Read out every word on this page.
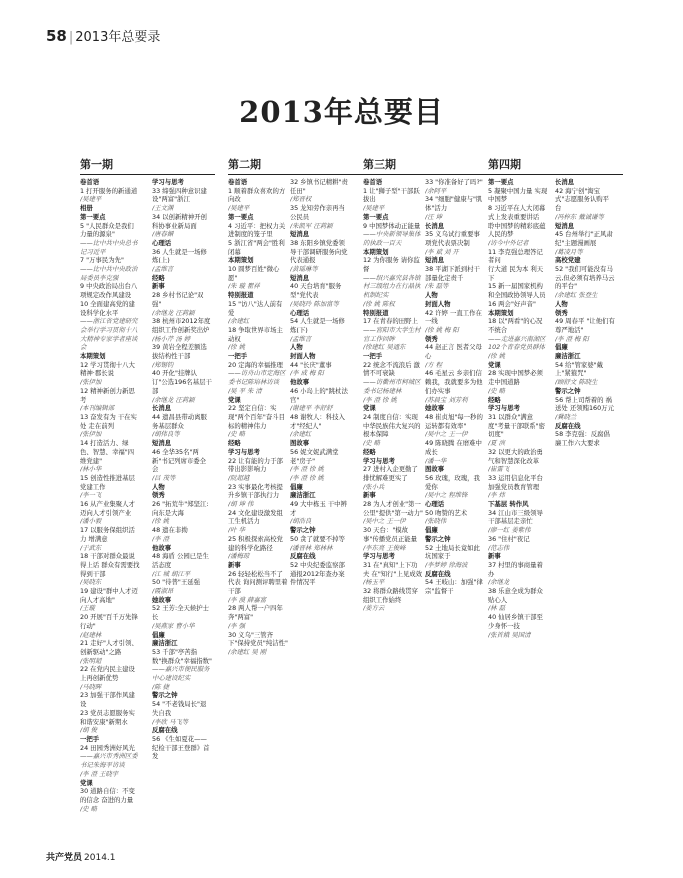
58 | 2013年总要录
2013年总要目
第一期	第二期	第三期	第四期
卷首语
1 打开服务的新通道
/吴建平
相册
第一要点
5 "人民群众是我们力量的源泉"
——比中共中央总书记习近平
7 "万事民为先"
——比中共中央政治局委员李克强
9 中央政治局出台八项规定改作风建设
10 全面建高党的建设科学化水平
——浙江省党建研究会举行学习贯彻十八大精神专家学者座谈会
本期策划
12 学习贯彻十八大精神·郡长说
/张伊加
12 精神新创力新思考
/本刊编辑部
13 奋发有为 干在实处 走在前列
/张伊加
14 打造活力、绿色、智慧、幸福"四维党建"
/林小华
15 创造性推进基层党建工作
/李一飞
16 从产业集聚人才迈向人才引领产业
/潘小毅
17 以服务保组织活力 增满意
/于武东
18 干部对群众最说得上话 群众有需要找得到干部
/吴晓东
19 建设"群中人才迈向人才高地"
/王璇
20 开展"百千万先锋行动"
/赵建林
21 走好"人才引领、创新驱动"之路
/张明超
22 在党内民主建设上再创新优势
/马晓晖
23 加强干部作风建设
23 党员志愿服务实和谐安康"新期水
/胡 俊
一把手
24 田园秀洲好风光
——嘉兴市秀洲区委书记朱海平访谈
/李 澄 王晓宇
党课
30 道路自信：不变的信念 奋进的力量
/史 略
学习与思考
33 缔强四种意识建设"两富"浙江
/王文渊
34 以创新精神开创科协事业新局面
/唐春媚
心理话
36 人生就是一场修炼(上)
/孟维言
经略
新事
28 乡村书记论"双强"
/余继龙 汪莉颖
38 杭州市2012年度组织工作创新奖出炉
/杨小芹 汤 婷
39 黄岩全程差额选拔结构性干部
/郑锡钧
40 开化"挂牌认订"公选196名基层干部
/余继龙 汪莉颖
长消息
44 遗昌县带动离服务基层群众
/胡伟良等
短消息
46 全华35名"两新"书记列席市委全会
/吕 茂等
人物
领秀
26 "拓荒牛"郑坚江:向东是大海
/徐 姚
48 遗在非拗
/李 澄
他故事
48 海盾 公园已是生活态度
/江 城 胡江平
50 "待普"王延强
/霞淑昂
她故事
52 王芳:全天候护士长
/吴燕家 曹小华
倡廉
廉洁浙江
53 千部"亭苦指数"换群众"幸福指数"
——嘉兴市便民服务中心建设纪实
/陈 捷
警示之钟
54 "不老钱局长"退失自我
/李欣 马飞等
反腐在线
56 《生如夏花——纪检干部王登群》首发
卷首语
1 顺着群众喜欢的方向改
/吴建平
第一要点
4 习近平：把权力关进制度的笼子里
5 浙江省"两会"胜利闭幕
本期策划
10 圆梦百姓"微心愿"
/朱 璇 瞿祥
特别报道
15 "访八"达人前有爱
/余建红
18 争取世界市场主动权
/徐 姚
一把手
20 定海的幸福推理
——访舟山市定海区委书记陈培林访谈
/吴 平 朱 清
党课
22 坚定自信：实现"两个百年"奋斗目标的精神伟力
/史 略
经略
学习与思考
22 让有能的力于部带出影影响力
/阮超越
23 实事最化考核提升乡镇干部执行力
/胡 坤 伟
24 文化建设激发组工生机活力
/叶 华
25 积极探索高校党建的科学化路径
/潘梅琼
新事
26 轻轻松松当不了代表 询问测评聘里着干部
/李 漠 薛嘉富
28 两人帮一户四年奔"两富"
/李 强
30 义乌"三管齐下"保持党员"纯洁性"
/余建红 吴 刚
32 乡镇书记精耕"责任田"
/郑晋权
35 龙知劳作亲再当公民员
/朱凯军 汪莉颖
短消息
38 东阳乡镇党委领导干部调研服务向党代表通报
/黄瑶琳等
短消息
40 天台培育"服务型"党代表
/吴晓玲 陈加富等
心理话
54 人生就是一场修炼(下)
/孟维言
人物
封面人物
44 "长庆"董事
/李 成 梅 阳
他故事
46 小岛上的"跳杖法官"
/谢建平 李舒舒
48 谢牧人：科技入才"经纪人"
/余建红
图故事
56 妮文妮武满堂老"房子"
/李 澄 徐 姚
/李 澄 徐 姚
倡廉
廉洁浙江
49 大中栋玉 干中辨才
/胡浩良
警示之钟
50 贪了就要不掉等
/潘晋林 郑林林
反腐在线
52 中央纪委监察部通报2012年查办案件情况平
卷首语
1 让"狮子型"干部跃拔出
/吴建平
第一要点
9 中国梦体动正能量
——中央新领导集体的执政一百天
本期策划
12 为你服务 请你监督
——绍兴嘉究县各镇村三级组力在行晶执机制纪实
/徐 姚 陈权
特别报道
17 在青春的田野上
——宫阳市大学生村官工作回眸
/徐建红 吴通东
一把手
22 统念不流浪后 激情不可衰缺
——访衢州市柯城区委书记杨建林
/李 澄 徐 姚
党课
24 制度自信：实现中华民族伟大复兴的根本保障
/史 略
经略
学习与思考
27 进村入企更勤了 排忧解难更实了
/张小兵
新事
28 为人才创业"第一公里"提供"第一动力"
/吴中之 王一伊
30 天台："模故事"传播党员正能量
/李东亮 王俊峰
学习与思考
31 在"真知"上下功夫 在"知行"上见成效
/杨玉平
32 将群众路线贯穿组织工作始终
/姜方云
33 "你准备好了吗?"
/余阿平
34 "细胞"健康与"肌体"活力
/汪 坤
长消息
35 义乌试行重要事项党代表票决制
/李 斌 刘 开
短消息
38 平湖下派到村干部量化定责千
/朱 磊等
人物
封面人物
42 许婷 一直工作在一线
/徐 姚 梅 阳
领秀
44 赵正言 医者父母心
/方 程
46 毛星云 乡亲们信赖我，我就要多为他们办实事
/苏晨宝 刘芳利
她故事
48 崔贞旭"每一秒的运转都有效率"
/吴中之 王一伊
49 陈晓腾 在磨难中成长
/潘一华
图故事
56 玫瑰，玫瑰，我爱你
/吴中之 程维锋
心理话
50 吻赞的艺术
/张晓伟
倡廉
警示之钟
52 土地局长竟如此坑国家于
/李梦婷 徐海波
反腐在线
54 王岐山：加强"律宗"监督干
第一要点
5 凝聚中国力量 实现中国梦
8 习近平在人大闭幕式上发表重要讲话
聆中国梦的精彩底蕴人民的梦
/访今中外记者
11 李克强总理答记者问
行大道 民为本 利天下
15 新一届国家机构和全国政协领导人员
16 两会"好声音"
本期策划
18 以"两看"的心况不统合
——走进嘉兴南湖区102个青春党员群体
/徐 姚
党课
28 实现中国梦必须走中国道路
/史 略
经略
学习与思考
31 以群众"满意度"考量干部联系"密切度"
/夏 滨
32 以更大的政治勇气和智慧深化改革
/崔雷飞
33 运用信息化平台加强党员教育管理
/李 炜
下基层 转作风
34 江山市三级领导干部基层走亲忙
/廖一红 姜紫伟
36 "住村"夜记
/范志伟
新事
37 村里的事商量着办
/余继龙
38 乐意全成为群众贴心人
/林 磊
40 仙居乡镇干部至少身怀一技
/张首娥 吴国清
长消息
42 海宁创"淘宝式"志愿服务认购平台
/冯梓东 戴诚谦等
短消息
45 台州举行"正风肃纪"主题漫画展
/葛凌月等
高校党建
52 "我们可能没有马云,但必须有培养马云的平台"
/余建红 张登生
人物
领秀
49 周春平 "让他们有尊严地活"
/李 澄 梅 阳
倡廉
廉洁浙江
54 给"管家婆"戴上"紧箍咒"
/顾舒文 陈晓生
警示之钟
56 帮上司帮着的 祸送处 还领贿160万元
/冀晓兰
反腐在线
58 李克强：反腐倡廉工作六大要求
共产党员 2014.1
